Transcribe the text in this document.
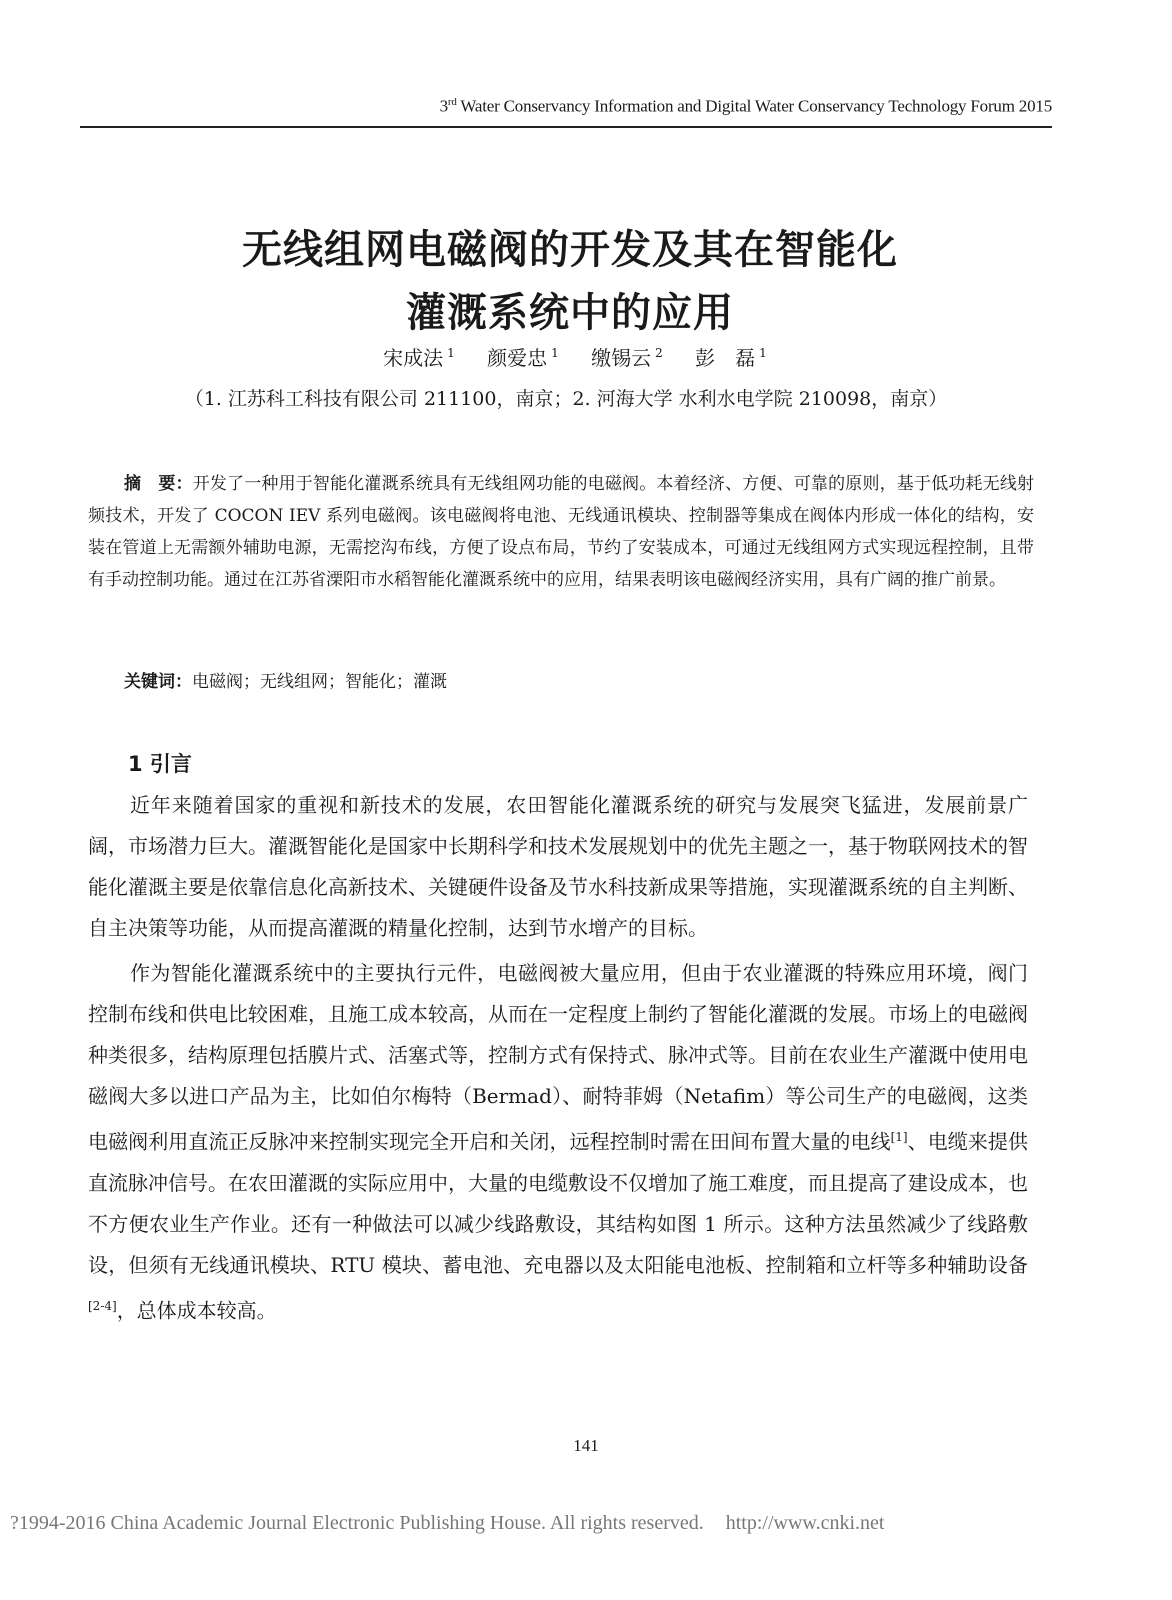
3rd Water Conservancy Information and Digital Water Conservancy Technology Forum 2015
无线组网电磁阀的开发及其在智能化
灌溉系统中的应用
宋成法 $^1$ 颜爱忠 $^1$ 缴锡云 $^2$ 彭　磊 $^1$
（1. 江苏科工科技有限公司 211100，南京；2. 河海大学 水利水电学院 210098，南京）
摘　要：开发了一种用于智能化灌溉系统具有无线组网功能的电磁阀。本着经济、方便、可靠的原则，基于低功耗无线射频技术，开发了 COCON IEV 系列电磁阀。该电磁阀将电池、无线通讯模块、控制器等集成在阀体内形成一体化的结构，安装在管道上无需额外辅助电源，无需挖沟布线，方便了设点布局，节约了安装成本，可通过无线组网方式实现远程控制，且带有手动控制功能。通过在江苏省溧阳市水稻智能化灌溉系统中的应用，结果表明该电磁阀经济实用，具有广阔的推广前景。
关键词：电磁阀；无线组网；智能化；灌溉
1 引言

近年来随着国家的重视和新技术的发展，农田智能化灌溉系统的研究与发展突飞猛进，发展前景广阔，市场潜力巨大。灌溉智能化是国家中长期科学和技术发展规划中的优先主题之一，基于物联网技术的智能化灌溉主要是依靠信息化高新技术、关键硬件设备及节水科技新成果等措施，实现灌溉系统的自主判断、自主决策等功能，从而提高灌溉的精量化控制，达到节水增产的目标。

作为智能化灌溉系统中的主要执行元件，电磁阀被大量应用，但由于农业灌溉的特殊应用环境，阀门控制布线和供电比较困难，且施工成本较高，从而在一定程度上制约了智能化灌溉的发展。市场上的电磁阀种类很多，结构原理包括膜片式、活塞式等，控制方式有保持式、脉冲式等。目前在农业生产灌溉中使用电磁阀大多以进口产品为主，比如伯尔梅特（Bermad）、耐特菲姆（Netafim）等公司生产的电磁阀，这类电磁阀利用直流正反脉冲来控制实现完全开启和关闭，远程控制时需在田间布置大量的电线[1]、电缆来提供直流脉冲信号。在农田灌溉的实际应用中，大量的电缆敷设不仅增加了施工难度，而且提高了建设成本，也不方便农业生产作业。还有一种做法可以减少线路敷设，其结构如图 1 所示。这种方法虽然减少了线路敷设，但须有无线通讯模块、RTU 模块、蓄电池、充电器以及太阳能电池板、控制箱和立杆等多种辅助设备[2-4]，总体成本较高。

141
?1994-2016 China Academic Journal Electronic Publishing House. All rights reserved. http://www.cnki.net
